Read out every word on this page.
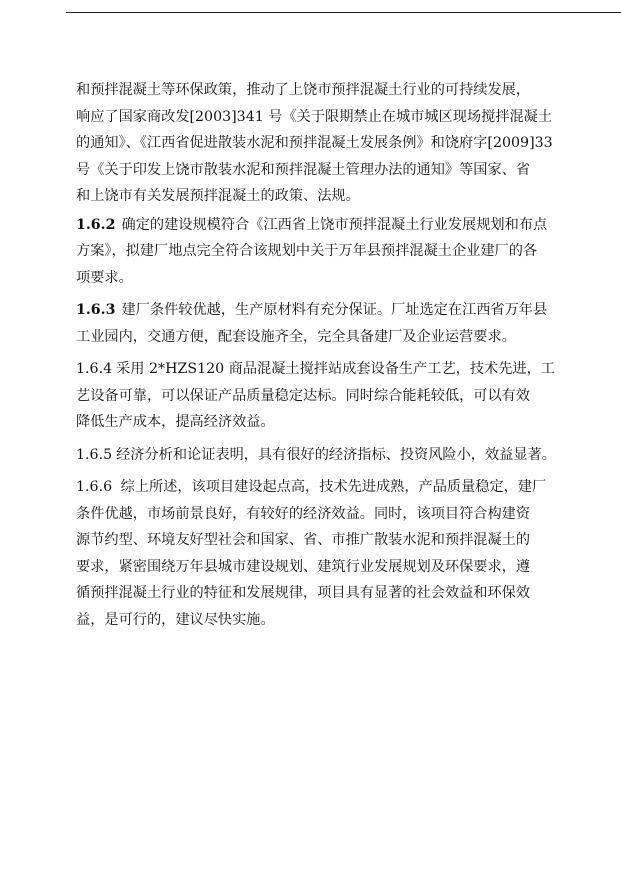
和预拌混凝土等环保政策，推动了上饶市预拌混凝土行业的可持续发展，
响应了国家商改发[2003]341 号《关于限期禁止在城市城区现场搅拌混凝土
的通知》、《江西省促进散装水泥和预拌混凝土发展条例》和饶府字[2009]33
号《关于印发上饶市散装水泥和预拌混凝土管理办法的通知》等国家、省
和上饶市有关发展预拌混凝土的政策、法规。

1.6.2 确定的建设规模符合《江西省上饶市预拌混凝土行业发展规划和布点
方案》，拟建厂地点完全符合该规划中关于万年县预拌混凝土企业建厂的各
项要求。

1.6.3 建厂条件较优越，生产原材料有充分保证。厂址选定在江西省万年县
工业园内，交通方便，配套设施齐全，完全具备建厂及企业运营要求。

1.6.4 采用 2*HZS120 商品混凝土搅拌站成套设备生产工艺，技术先进，工
艺设备可靠，可以保证产品质量稳定达标。同时综合能耗较低，可以有效
降低生产成本，提高经济效益。

1.6.5 经济分析和论证表明，具有很好的经济指标、投资风险小，效益显著。

1.6.6 综上所述，该项目建设起点高，技术先进成熟，产品质量稳定，建厂
条件优越，市场前景良好，有较好的经济效益。同时，该项目符合构建资
源节约型、环境友好型社会和国家、省、市推广散装水泥和预拌混凝土的
要求，紧密围绕万年县城市建设规划、建筑行业发展规划及环保要求，遵
循预拌混凝土行业的特征和发展规律，项目具有显著的社会效益和环保效
益，是可行的，建议尽快实施。
